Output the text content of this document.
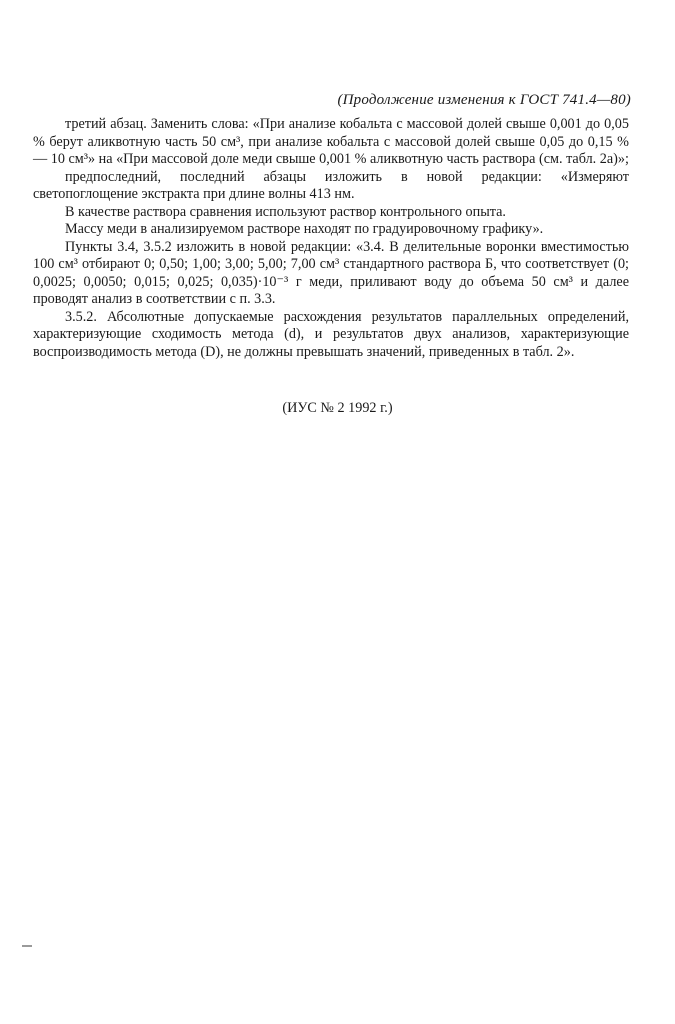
(Продолжение изменения к ГОСТ 741.4—80)

третий абзац. Заменить слова: «При анализе кобальта с массовой долей свыше 0,001 до 0,05 % берут аликвотную часть 50 см³, при анализе кобальта с массовой долей свыше 0,05 до 0,15 % — 10 см³» на «При массовой доле меди свыше 0,001 % аликвотную часть раствора (см. табл. 2а)»;

предпоследний, последний абзацы изложить в новой редакции: «Измеряют светопоглощение экстракта при длине волны 413 нм.

В качестве раствора сравнения используют раствор контрольного опыта.

Массу меди в анализируемом растворе находят по градуировочному графику».

Пункты 3.4, 3.5.2 изложить в новой редакции: «3.4. В делительные воронки вместимостью 100 см³ отбирают 0; 0,50; 1,00; 3,00; 5,00; 7,00 см³ стандартного раствора Б, что соответствует (0; 0,0025; 0,0050; 0,015; 0,025; 0,035)·10⁻³ г меди, приливают воду до объема 50 см³ и далее проводят анализ в соответствии с п. 3.3.

3.5.2. Абсолютные допускаемые расхождения результатов параллельных определений, характеризующие сходимость метода (d), и результатов двух анализов, характеризующие воспроизводимость метода (D), не должны превышать значений, приведенных в табл. 2».

(ИУС № 2 1992 г.)
